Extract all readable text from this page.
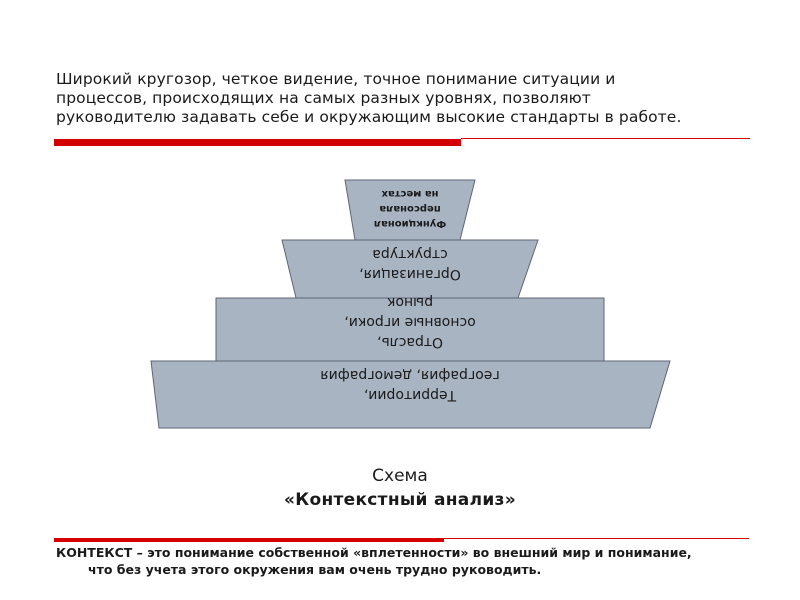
Широкий кругозор, четкое видение, точное понимание ситуации и
процессов, происходящих на самых разных уровнях, позволяют
руководителю задавать себе и окружающим высокие стандарты в работе.
Функционал
персонала
на местах
Организация,
структура
Отрасль,
основные игроки,
рынок
Территории,
география, демография
Схема
«Контекстный анализ»
КОНТЕКСТ – это понимание собственной «вплетенности» во внешний мир и понимание,
что без учета этого окружения вам очень трудно руководить.
